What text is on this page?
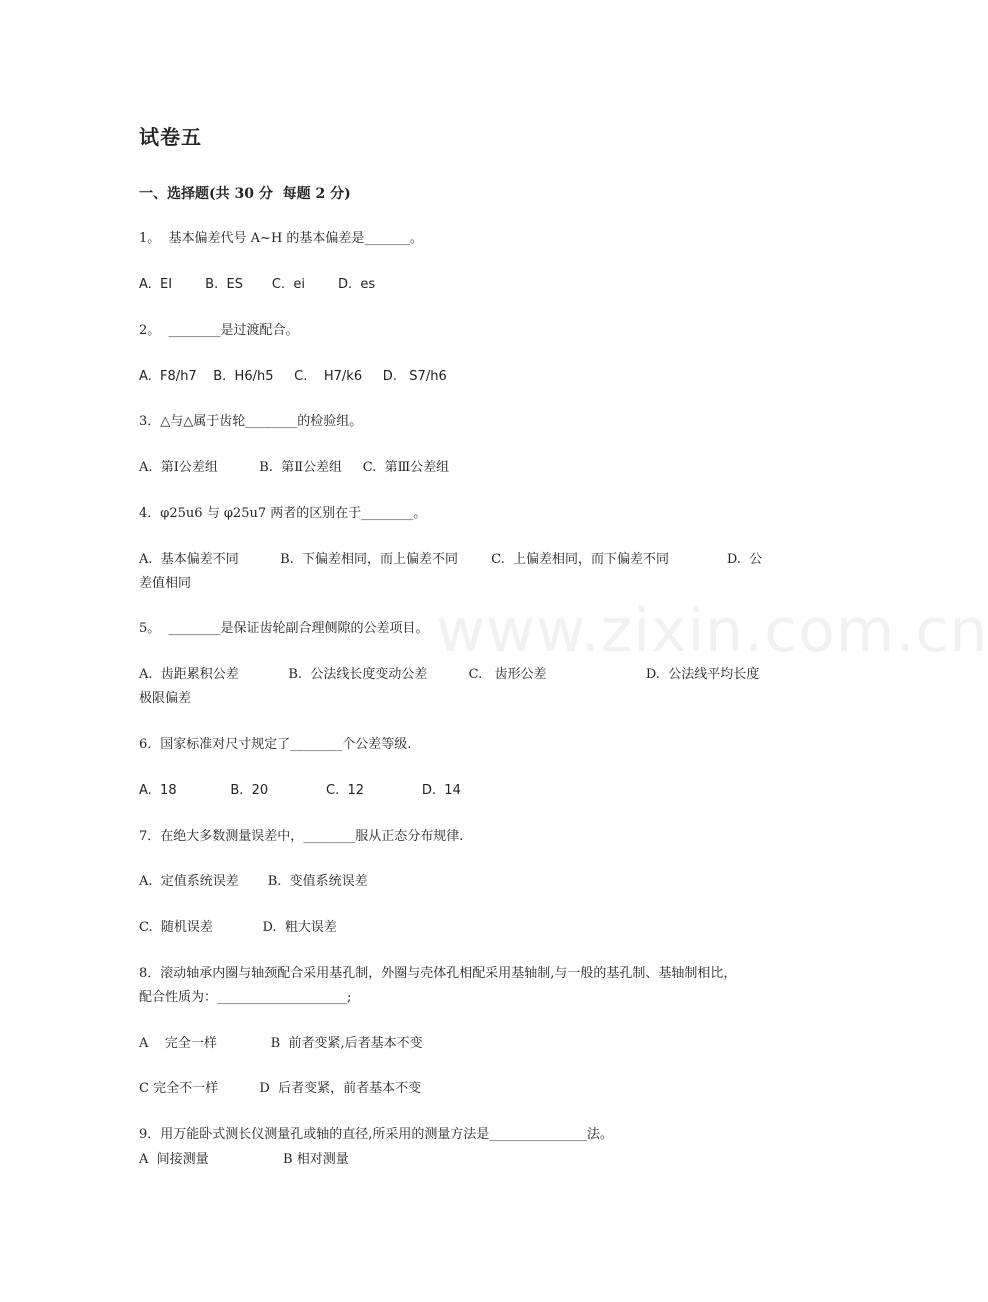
www.zixin.com.cn
试卷五
一、选择题(共 30 分  每题 2 分)
1。  基本偏差代号 A~H 的基本偏差是_______。
A.  EI        B.  ES       C.  ei        D.  es
2。  ________是过渡配合。
A.  F8/h7    B.  H6/h5     C.    H7/k6     D.   S7/h6
3．△与△属于齿轮________的检验组。
A.  第Ⅰ公差组          B.  第Ⅱ公差组     C.  第Ⅲ公差组
4．φ25u6 与 φ25u7 两者的区别在于________。
A.  基本偏差不同          B.  下偏差相同，而上偏差不同        C.  上偏差相同，而下偏差不同              D.  公
差值相同
5。  ________是保证齿轮副合理侧隙的公差项目。
A.  齿距累积公差            B.  公法线长度变动公差          C.   齿形公差                        D.  公法线平均长度
极限偏差
6．国家标准对尺寸规定了________个公差等级.
A.  18             B.  20              C.  12              D.  14
7．在绝大多数测量误差中，________服从正态分布规律.
A.  定值系统误差       B.  变值系统误差
C.  随机误差            D.  粗大误差
8．滚动轴承内圈与轴颈配合采用基孔制，外圈与壳体孔相配采用基轴制,与一般的基孔制、基轴制相比，
配合性质为：____________________;
A    完全一样             B  前者变紧,后者基本不变
C 完全不一样          D  后者变紧，前者基本不变
9．用万能卧式测长仪测量孔或轴的直径,所采用的测量方法是_______________法。
A  间接测量                  B 相对测量
